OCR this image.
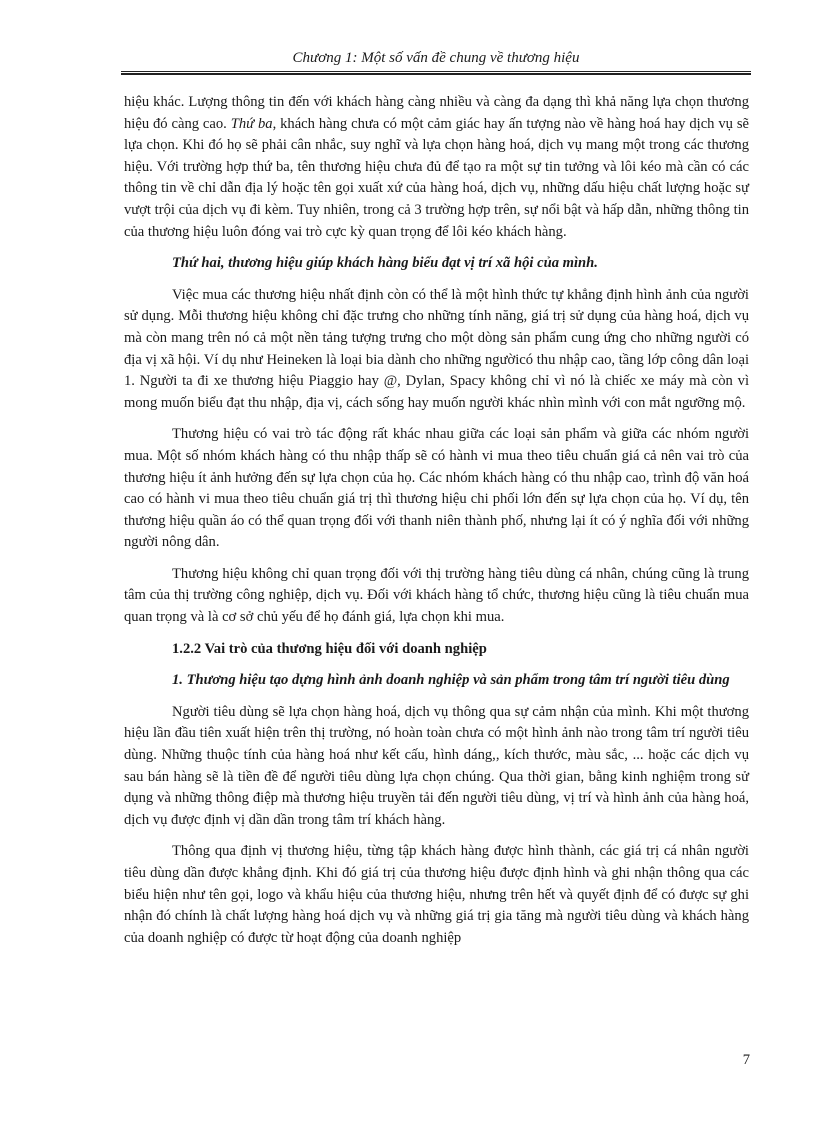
Chương 1: Một số vấn đề chung về thương hiệu

hiệu khác. Lượng thông tin đến với khách hàng càng nhiều và càng đa dạng thì khả năng lựa chọn thương hiệu đó càng cao. Thứ ba, khách hàng chưa có một cảm giác hay ấn tượng nào về hàng hoá hay dịch vụ sẽ lựa chọn. Khi đó họ sẽ phải cân nhắc, suy nghĩ và lựa chọn hàng hoá, dịch vụ mang một trong các thương hiệu. Với trường hợp thứ ba, tên thương hiệu chưa đủ để tạo ra một sự tin tưởng và lôi kéo mà cần có các thông tin về chỉ dẫn địa lý hoặc tên gọi xuất xứ của hàng hoá, dịch vụ, những dấu hiệu chất lượng hoặc sự vượt trội của dịch vụ đi kèm. Tuy nhiên, trong cả 3 trường hợp trên, sự nổi bật và hấp dẫn, những thông tin của thương hiệu luôn đóng vai trò cực kỳ quan trọng để lôi kéo khách hàng.

Thứ hai, thương hiệu giúp khách hàng biểu đạt vị trí xã hội của mình.

Việc mua các thương hiệu nhất định còn có thể là một hình thức tự khẳng định hình ảnh của người sử dụng. Mỗi thương hiệu không chỉ đặc trưng cho những tính năng, giá trị sử dụng của hàng hoá, dịch vụ mà còn mang trên nó cả một nền tảng tượng trưng cho một dòng sản phẩm cung ứng cho những người có địa vị xã hội. Ví dụ như Heineken là loại bia dành cho những ngườicó thu nhập cao, tầng lớp công dân loại 1. Người ta đi xe thương hiệu Piaggio hay @, Dylan, Spacy không chỉ vì nó là chiếc xe máy mà còn vì mong muốn biểu đạt thu nhập, địa vị, cách sống hay muốn người khác nhìn mình với con mắt ngưỡng mộ.

Thương hiệu có vai trò tác động rất khác nhau giữa các loại sản phẩm và giữa các nhóm người mua. Một số nhóm khách hàng có thu nhập thấp sẽ có hành vi mua theo tiêu chuẩn giá cả nên vai trò của thương hiệu ít ảnh hưởng đến sự lựa chọn của họ. Các nhóm khách hàng có thu nhập cao, trình độ văn hoá cao có hành vi mua theo tiêu chuẩn giá trị thì thương hiệu chi phối lớn đến sự lựa chọn của họ. Ví dụ, tên thương hiệu quần áo có thể quan trọng đối với thanh niên thành phố, nhưng lại ít có ý nghĩa đối với những người nông dân.

Thương hiệu không chỉ quan trọng đối với thị trường hàng tiêu dùng cá nhân, chúng cũng là trung tâm của thị trường công nghiệp, dịch vụ. Đối với khách hàng tổ chức, thương hiệu cũng là tiêu chuẩn mua quan trọng và là cơ sở chủ yếu để họ đánh giá, lựa chọn khi mua.

1.2.2 Vai trò của thương hiệu đối với doanh nghiệp

1. Thương hiệu tạo dựng hình ảnh doanh nghiệp và sản phẩm trong tâm trí người tiêu dùng

Người tiêu dùng sẽ lựa chọn hàng hoá, dịch vụ thông qua sự cảm nhận của mình. Khi một thương hiệu lần đầu tiên xuất hiện trên thị trường, nó hoàn toàn chưa có một hình ảnh nào trong tâm trí người tiêu dùng. Những thuộc tính của hàng hoá như kết cấu, hình dáng,, kích thước, màu sắc, ... hoặc các dịch vụ sau bán hàng sẽ là tiền đề để người tiêu dùng lựa chọn chúng. Qua thời gian, bằng kinh nghiệm trong sử dụng và những thông điệp mà thương hiệu truyền tải đến người tiêu dùng, vị trí và hình ảnh của hàng hoá, dịch vụ được định vị dần dần trong tâm trí khách hàng.

Thông qua định vị thương hiệu, từng tập khách hàng được hình thành, các giá trị cá nhân người tiêu dùng dần được khẳng định. Khi đó giá trị của thương hiệu được định hình và ghi nhận thông qua các biểu hiện như tên gọi, logo và khẩu hiệu của thương hiệu, nhưng trên hết và quyết định để có được sự ghi nhận đó chính là chất lượng hàng hoá dịch vụ và những giá trị gia tăng mà người tiêu dùng và khách hàng của doanh nghiệp có được từ hoạt động của doanh nghiệp

7
